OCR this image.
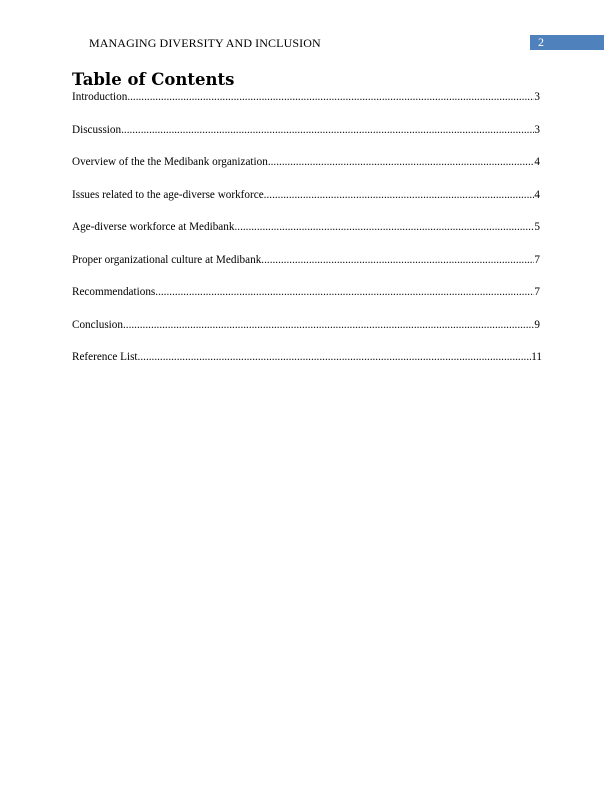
MANAGING DIVERSITY AND INCLUSION	2
Table of Contents
Introduction .....	3
Discussion .....	3
Overview of the the Medibank organization .....	4
Issues related to the age-diverse workforce .....	4
Age-diverse workforce at Medibank .....	5
Proper organizational culture at Medibank .....	7
Recommendations .....	7
Conclusion .....	9
Reference List .....	11
